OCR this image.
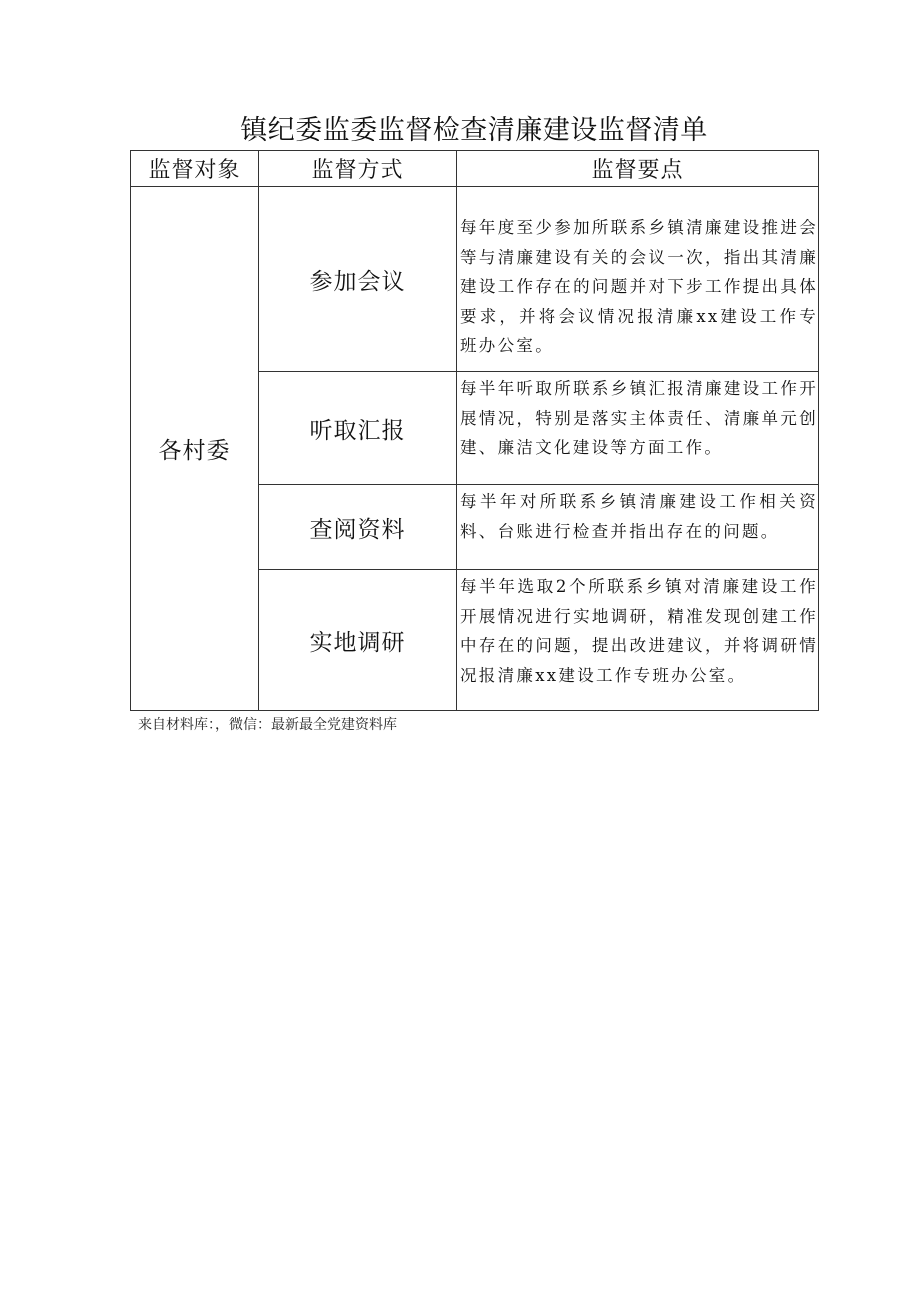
镇纪委监委监督检查清廉建设监督清单
监督对象	监督方式	监督要点
各村委	参加会议	每年度至少参加所联系乡镇清廉建设推进会等与清廉建设有关的会议一次，指出其清廉建设工作存在的问题并对下步工作提出具体要求，并将会议情况报清廉xx建设工作专班办公室。
	听取汇报	每半年听取所联系乡镇汇报清廉建设工作开展情况，特别是落实主体责任、清廉单元创建、廉洁文化建设等方面工作。
	查阅资料	每半年对所联系乡镇清廉建设工作相关资料、台账进行检查并指出存在的问题。
	实地调研	每半年选取2个所联系乡镇对清廉建设工作开展情况进行实地调研，精准发现创建工作中存在的问题，提出改进建议，并将调研情况报清廉xx建设工作专班办公室。
来自材料库：，微信：最新最全党建资料库
